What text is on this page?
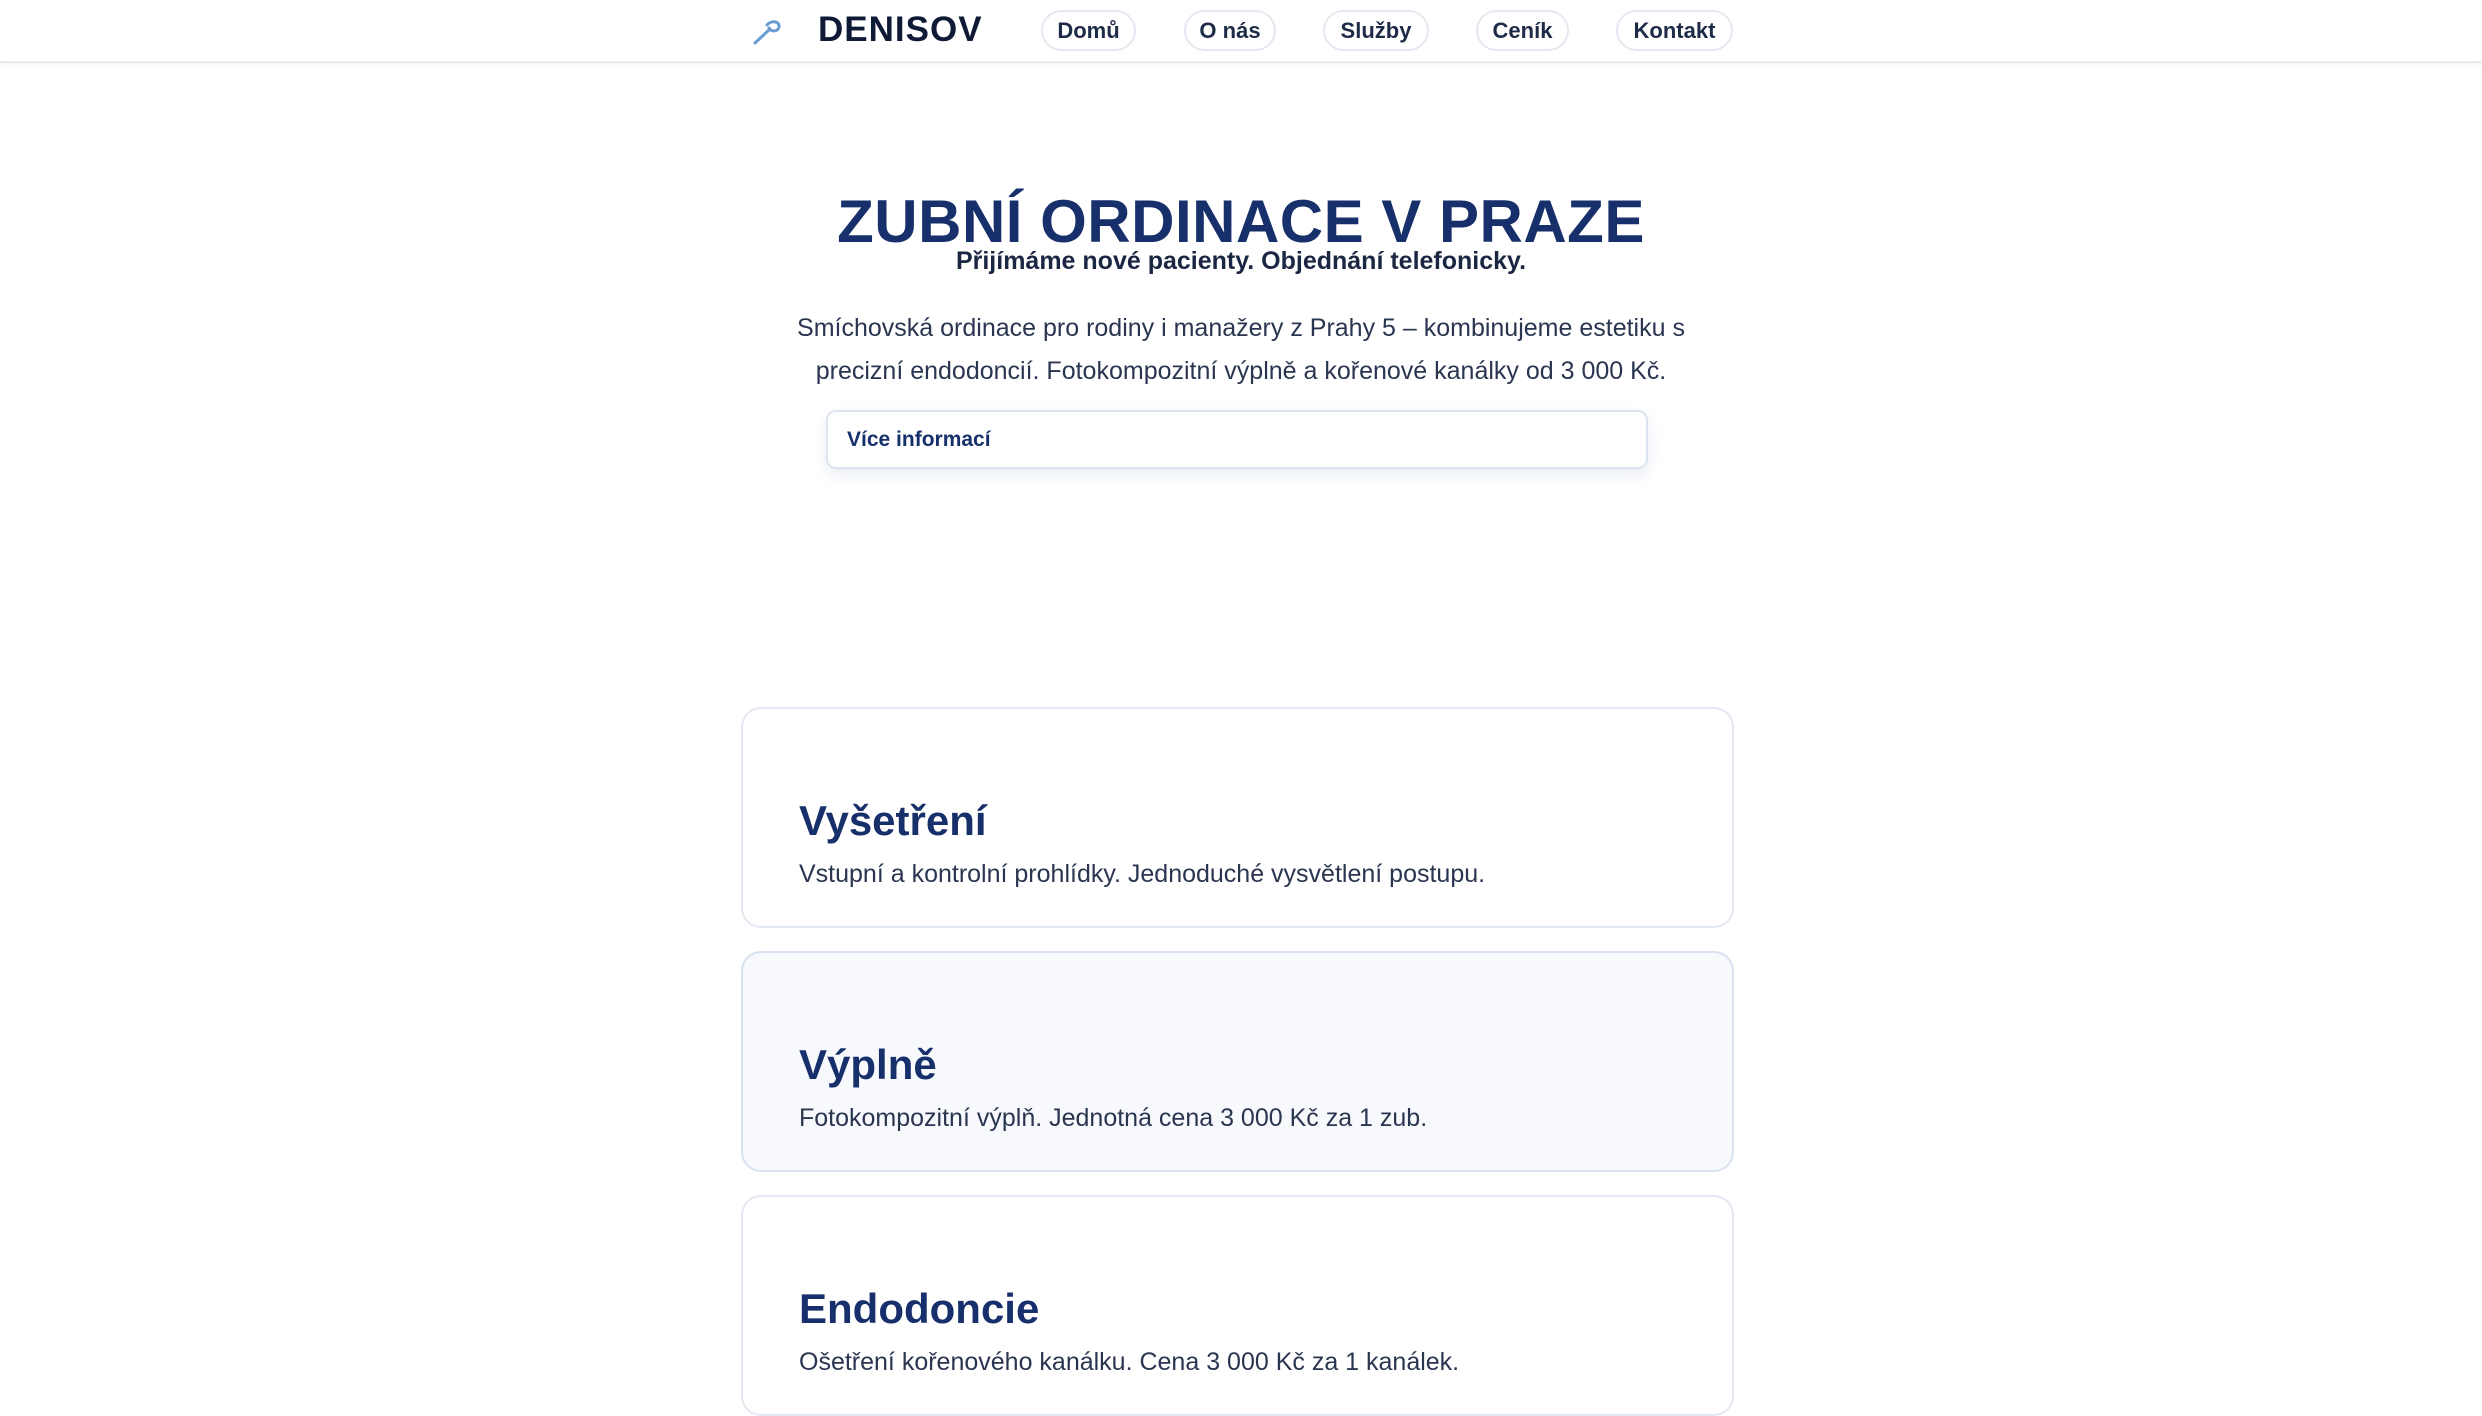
DENISOV	Domů	O nás	Služby	Ceník	Kontakt
ZUBNÍ ORDINACE V PRAZE
Přijímáme nové pacienty. Objednání telefonicky.
Smíchovská ordinace pro rodiny i manažery z Prahy 5 – kombinujeme estetiku s
precizní endodoncií. Fotokompozitní výplně a kořenové kanálky od 3 000 Kč.
Více informací
Vyšetření

Vstupní a kontrolní prohlídky. Jednoduché vysvětlení postupu.

Výplně

Fotokompozitní výplň. Jednotná cena 3 000 Kč za 1 zub.

Endodoncie

Ošetření kořenového kanálku. Cena 3 000 Kč za 1 kanálek.
